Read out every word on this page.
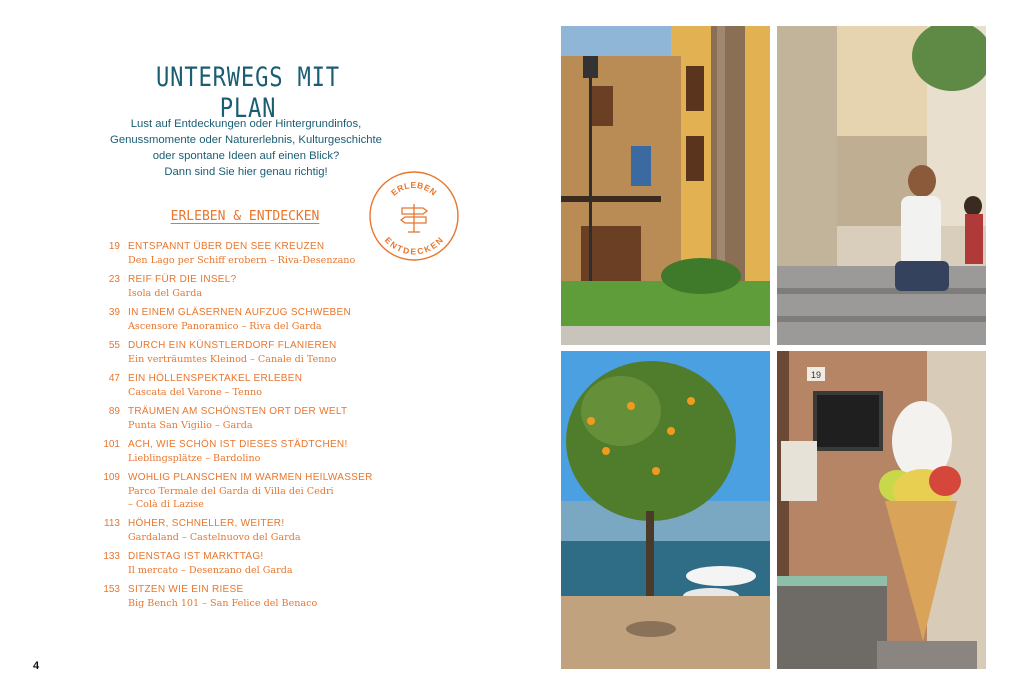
UNTERWEGS MIT PLAN
Lust auf Entdeckungen oder Hintergrundinfos,
Genussmomente oder Naturerlebnis, Kulturgeschichte
oder spontane Ideen auf einen Blick?
Dann sind Sie hier genau richtig!
ERLEBEN
ENTDECKEN
ERLEBEN & ENTDECKEN
19 ENTSPANNT ÜBER DEN SEE KREUZEN
Den Lago per Schiff erobern – Riva-Desenzano
23 REIF FÜR DIE INSEL?
Isola del Garda
39 IN EINEM GLÄSERNEN AUFZUG SCHWEBEN
Ascensore Panoramico – Riva del Garda
55 DURCH EIN KÜNSTLERDORF FLANIEREN
Ein verträumtes Kleinod – Canale di Tenno
47 EIN HÖLLENSPEKTAKEL ERLEBEN
Cascata del Varone – Tenno
89 TRÄUMEN AM SCHÖNSTEN ORT DER WELT
Punta San Vigilio – Garda
101 ACH, WIE SCHÖN IST DIESES STÄDTCHEN!
Lieblingsplätze – Bardolino
109 WOHLIG PLANSCHEN IM WARMEN HEILWASSER
Parco Termale del Garda di Villa dei Cedri
– Colà di Lazise
113 HÖHER, SCHNELLER, WEITER!
Gardaland – Castelnuovo del Garda
133 DIENSTAG IST MARKTTAG!
Il mercato – Desenzano del Garda
153 SITZEN WIE EIN RIESE
Big Bench 101 – San Felice del Benaco
4
19
